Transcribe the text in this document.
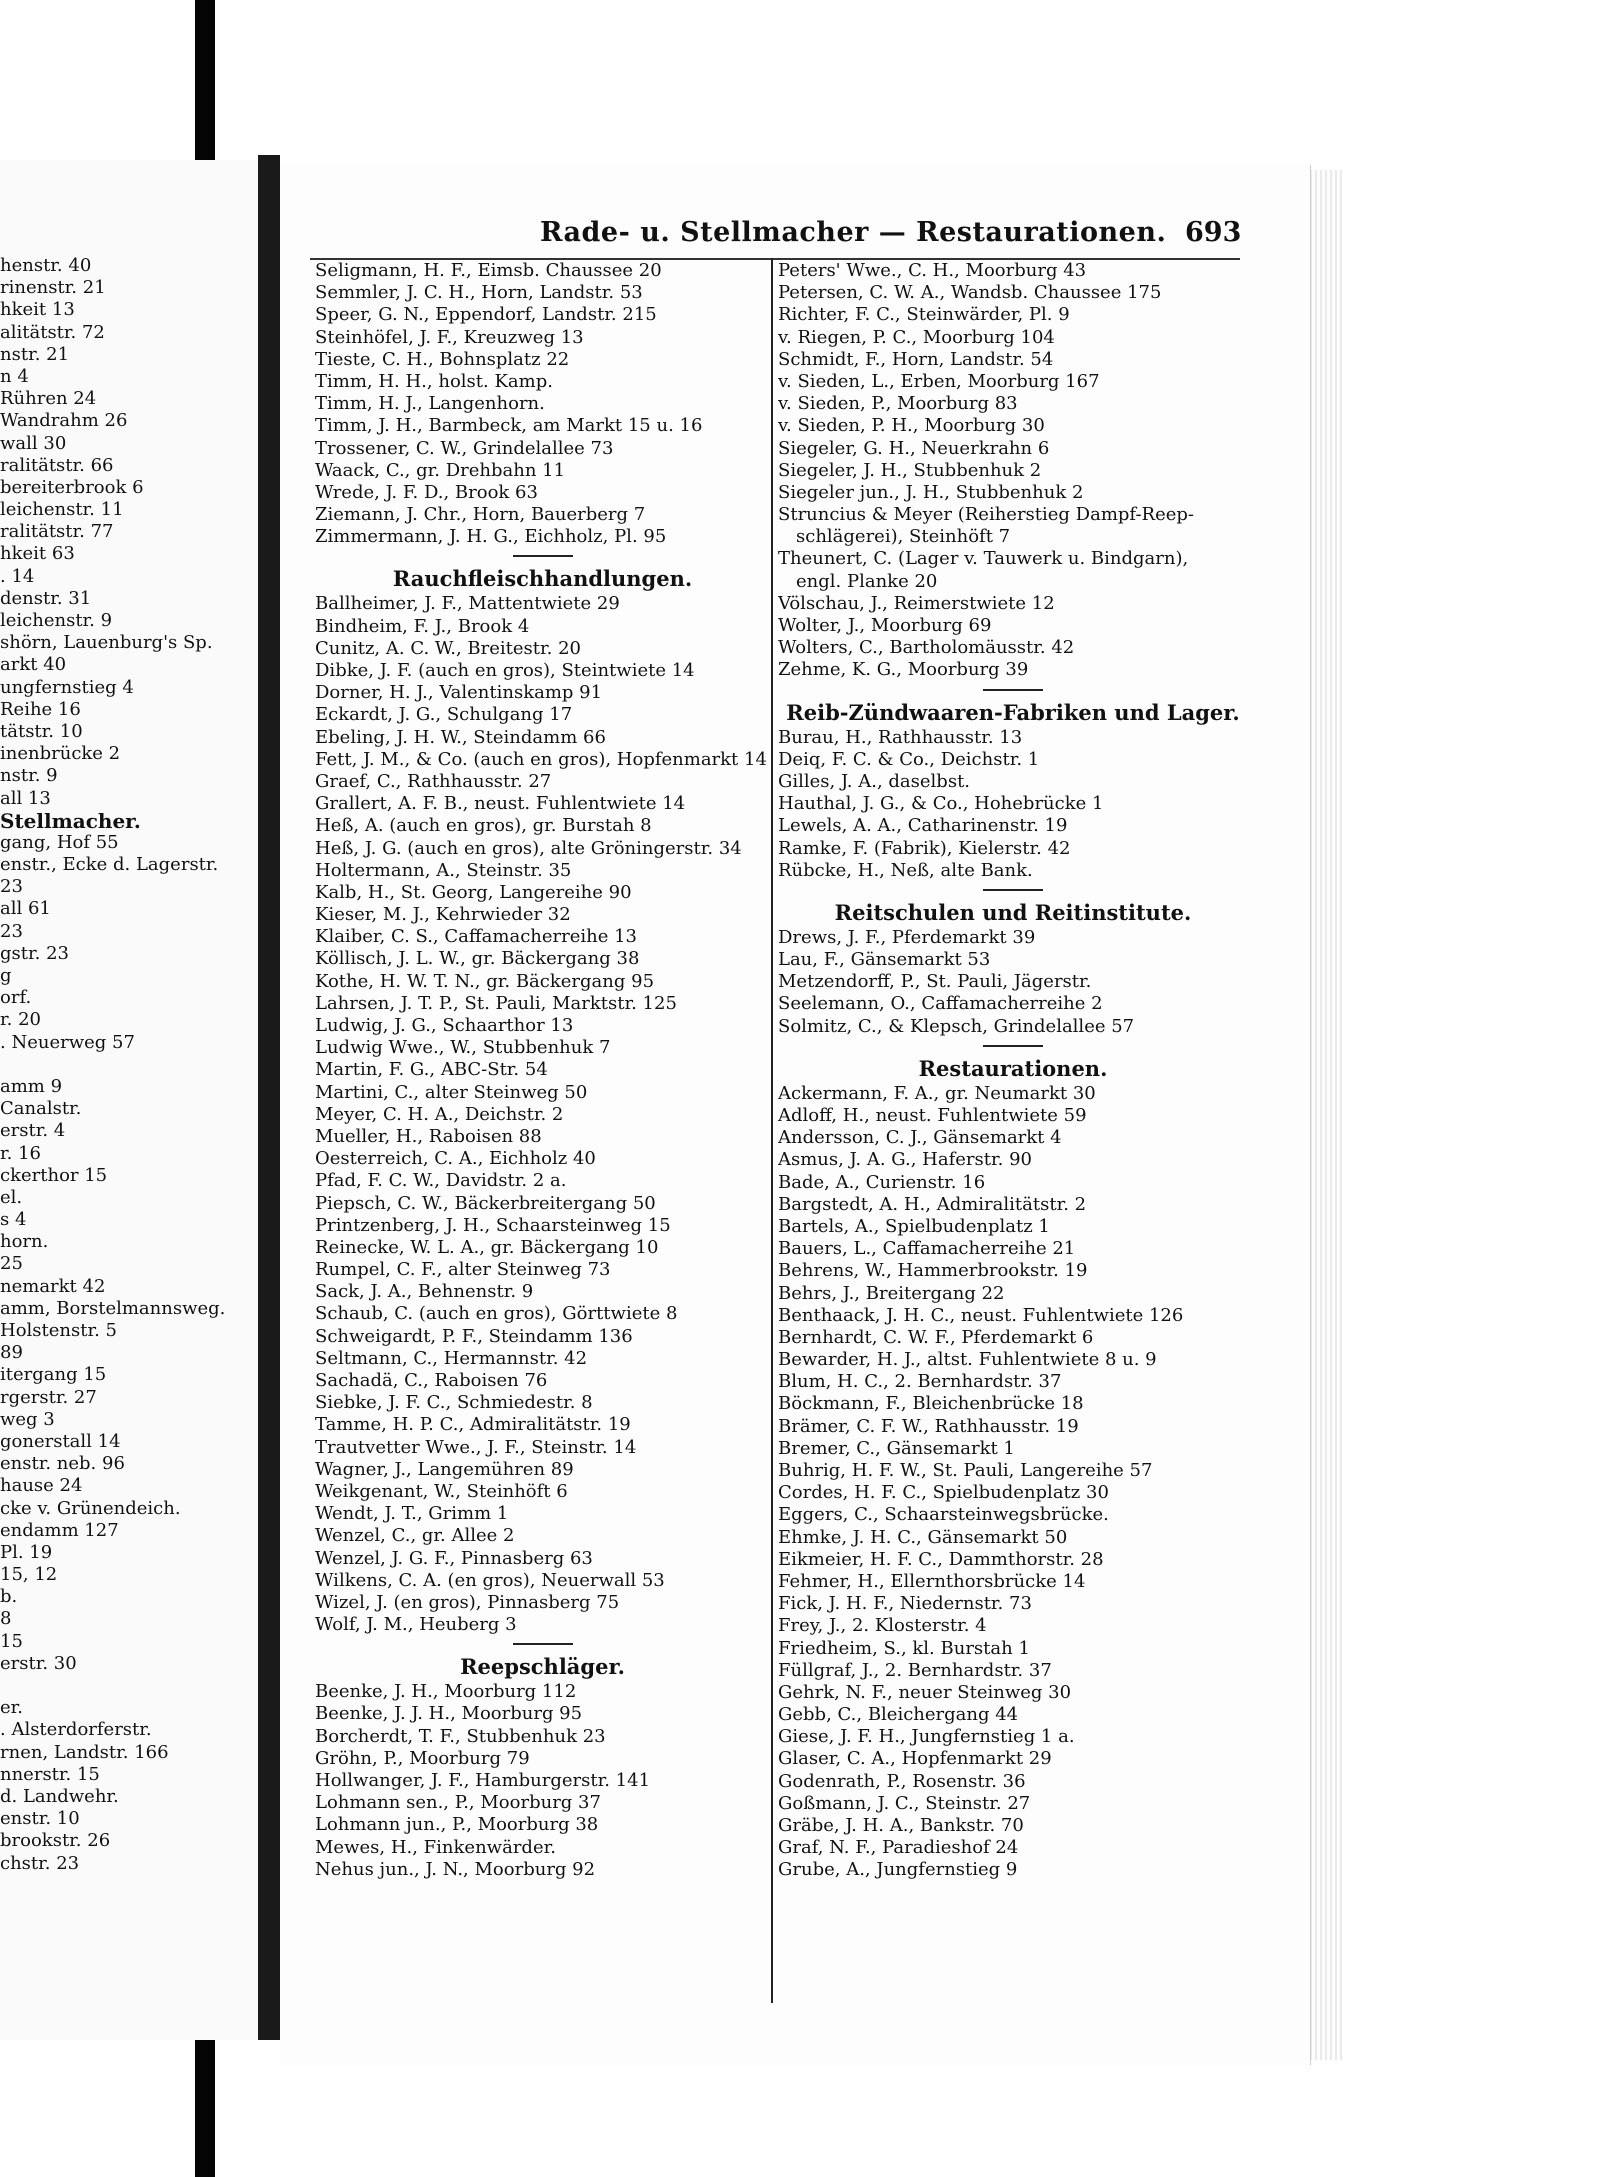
henstr. 40
rinenstr. 21
hkeit 13
alitätstr. 72
nstr. 21
n 4
Rühren 24
Wandrahm 26
wall 30
ralitätstr. 66
bereiterbrook 6
leichenstr. 11
ralitätstr. 77
hkeit 63
. 14
denstr. 31
leichenstr. 9
shörn, Lauenburg's Sp.
arkt 40
ungfernstieg 4
Reihe 16
tätstr. 10
inenbrücke 2
nstr. 9
all 13
Stellmacher.
gang, Hof 55
enstr., Ecke d. Lagerstr.
23
all 61
23
gstr. 23
g
orf.
r. 20
. Neuerweg 57
amm 9
Canalstr.
erstr. 4
r. 16
ckerthor 15
el.
s 4
horn.
25
nemarkt 42
amm, Borstelmannsweg.
Holstenstr. 5
89
itergang 15
rgerstr. 27
weg 3
gonerstall 14
enstr. neb. 96
hause 24
cke v. Grünendeich.
endamm 127
Pl. 19
15, 12
b.
8
15
erstr. 30
er.
. Alsterdorferstr.
rnen, Landstr. 166
nnerstr. 15
d. Landwehr.
enstr. 10
brookstr. 26
chstr. 23
Rade- u. Stellmacher — Restaurationen. 693
Seligmann, H. F., Eimsb. Chaussee 20
Semmler, J. C. H., Horn, Landstr. 53
Speer, G. N., Eppendorf, Landstr. 215
Steinhöfel, J. F., Kreuzweg 13
Tieste, C. H., Bohnsplatz 22
Timm, H. H., holst. Kamp.
Timm, H. J., Langenhorn.
Timm, J. H., Barmbeck, am Markt 15 u. 16
Trossener, C. W., Grindelallee 73
Waack, C., gr. Drehbahn 11
Wrede, J. F. D., Brook 63
Ziemann, J. Chr., Horn, Bauerberg 7
Zimmermann, J. H. G., Eichholz, Pl. 95
Rauchfleischhandlungen.
Ballheimer, J. F., Mattentwiete 29
Bindheim, F. J., Brook 4
Cunitz, A. C. W., Breitestr. 20
Dibke, J. F. (auch en gros), Steintwiete 14
Dorner, H. J., Valentinskamp 91
Eckardt, J. G., Schulgang 17
Ebeling, J. H. W., Steindamm 66
Fett, J. M., & Co. (auch en gros), Hopfenmarkt 14
Graef, C., Rathhausstr. 27
Grallert, A. F. B., neust. Fuhlentwiete 14
Heß, A. (auch en gros), gr. Burstah 8
Heß, J. G. (auch en gros), alte Gröningerstr. 34
Holtermann, A., Steinstr. 35
Kalb, H., St. Georg, Langereihe 90
Kieser, M. J., Kehrwieder 32
Klaiber, C. S., Caffamacherreihe 13
Köllisch, J. L. W., gr. Bäckergang 38
Kothe, H. W. T. N., gr. Bäckergang 95
Lahrsen, J. T. P., St. Pauli, Marktstr. 125
Ludwig, J. G., Schaarthor 13
Ludwig Wwe., W., Stubbenhuk 7
Martin, F. G., ABC-Str. 54
Martini, C., alter Steinweg 50
Meyer, C. H. A., Deichstr. 2
Mueller, H., Raboisen 88
Oesterreich, C. A., Eichholz 40
Pfad, F. C. W., Davidstr. 2 a.
Piepsch, C. W., Bäckerbreitergang 50
Printzenberg, J. H., Schaarsteinweg 15
Reinecke, W. L. A., gr. Bäckergang 10
Rumpel, C. F., alter Steinweg 73
Sack, J. A., Behnenstr. 9
Schaub, C. (auch en gros), Görttwiete 8
Schweigardt, P. F., Steindamm 136
Seltmann, C., Hermannstr. 42
Sachadä, C., Raboisen 76
Siebke, J. F. C., Schmiedestr. 8
Tamme, H. P. C., Admiralitätstr. 19
Trautvetter Wwe., J. F., Steinstr. 14
Wagner, J., Langemühren 89
Weikgenant, W., Steinhöft 6
Wendt, J. T., Grimm 1
Wenzel, C., gr. Allee 2
Wenzel, J. G. F., Pinnasberg 63
Wilkens, C. A. (en gros), Neuerwall 53
Wizel, J. (en gros), Pinnasberg 75
Wolf, J. M., Heuberg 3
Reepschläger.
Beenke, J. H., Moorburg 112
Beenke, J. J. H., Moorburg 95
Borcherdt, T. F., Stubbenhuk 23
Gröhn, P., Moorburg 79
Hollwanger, J. F., Hamburgerstr. 141
Lohmann sen., P., Moorburg 37
Lohmann jun., P., Moorburg 38
Mewes, H., Finkenwärder.
Nehus jun., J. N., Moorburg 92
Peters' Wwe., C. H., Moorburg 43
Petersen, C. W. A., Wandsb. Chaussee 175
Richter, F. C., Steinwärder, Pl. 9
v. Riegen, P. C., Moorburg 104
Schmidt, F., Horn, Landstr. 54
v. Sieden, L., Erben, Moorburg 167
v. Sieden, P., Moorburg 83
v. Sieden, P. H., Moorburg 30
Siegeler, G. H., Neuerkrahn 6
Siegeler, J. H., Stubbenhuk 2
Siegeler jun., J. H., Stubbenhuk 2
Struncius & Meyer (Reiherstieg Dampf-Reep-
schlägerei), Steinhöft 7
Theunert, C. (Lager v. Tauwerk u. Bindgarn),
engl. Planke 20
Völschau, J., Reimerstwiete 12
Wolter, J., Moorburg 69
Wolters, C., Bartholomäusstr. 42
Zehme, K. G., Moorburg 39
Reib-Zündwaaren-Fabriken und Lager.
Burau, H., Rathhausstr. 13
Deiq, F. C. & Co., Deichstr. 1
Gilles, J. A., daselbst.
Hauthal, J. G., & Co., Hohebrücke 1
Lewels, A. A., Catharinenstr. 19
Ramke, F. (Fabrik), Kielerstr. 42
Rübcke, H., Neß, alte Bank.
Reitschulen und Reitinstitute.
Drews, J. F., Pferdemarkt 39
Lau, F., Gänsemarkt 53
Metzendorff, P., St. Pauli, Jägerstr.
Seelemann, O., Caffamacherreihe 2
Solmitz, C., & Klepsch, Grindelallee 57
Restaurationen.
Ackermann, F. A., gr. Neumarkt 30
Adloff, H., neust. Fuhlentwiete 59
Andersson, C. J., Gänsemarkt 4
Asmus, J. A. G., Haferstr. 90
Bade, A., Curienstr. 16
Bargstedt, A. H., Admiralitätstr. 2
Bartels, A., Spielbudenplatz 1
Bauers, L., Caffamacherreihe 21
Behrens, W., Hammerbrookstr. 19
Behrs, J., Breitergang 22
Benthaack, J. H. C., neust. Fuhlentwiete 126
Bernhardt, C. W. F., Pferdemarkt 6
Bewarder, H. J., altst. Fuhlentwiete 8 u. 9
Blum, H. C., 2. Bernhardstr. 37
Böckmann, F., Bleichenbrücke 18
Brämer, C. F. W., Rathhausstr. 19
Bremer, C., Gänsemarkt 1
Buhrig, H. F. W., St. Pauli, Langereihe 57
Cordes, H. F. C., Spielbudenplatz 30
Eggers, C., Schaarsteinwegsbrücke.
Ehmke, J. H. C., Gänsemarkt 50
Eikmeier, H. F. C., Dammthorstr. 28
Fehmer, H., Ellernthorsbrücke 14
Fick, J. H. F., Niedernstr. 73
Frey, J., 2. Klosterstr. 4
Friedheim, S., kl. Burstah 1
Füllgraf, J., 2. Bernhardstr. 37
Gehrk, N. F., neuer Steinweg 30
Gebb, C., Bleichergang 44
Giese, J. F. H., Jungfernstieg 1 a.
Glaser, C. A., Hopfenmarkt 29
Godenrath, P., Rosenstr. 36
Goßmann, J. C., Steinstr. 27
Gräbe, J. H. A., Bankstr. 70
Graf, N. F., Paradieshof 24
Grube, A., Jungfernstieg 9
